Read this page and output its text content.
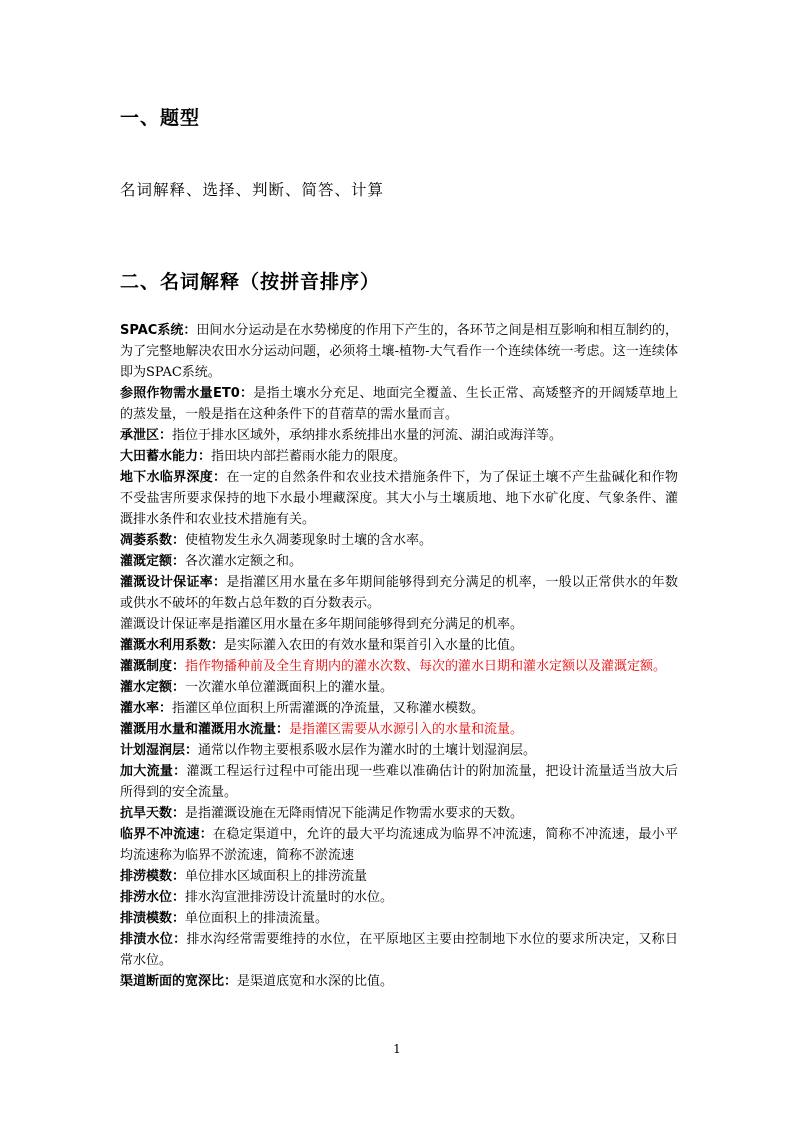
一、题型
名词解释、选择、判断、简答、计算
二、名词解释（按拼音排序）

SPAC系统：田间水分运动是在水势梯度的作用下产生的，各环节之间是相互影响和相互制约的，为了完整地解决农田水分运动问题，必须将土壤-植物-大气看作一个连续体统一考虑。这一连续体即为SPAC系统。

参照作物需水量ET0：是指土壤水分充足、地面完全覆盖、生长正常、高矮整齐的开阔矮草地上的蒸发量，一般是指在这种条件下的苜蓿草的需水量而言。

承泄区：指位于排水区域外，承纳排水系统排出水量的河流、湖泊或海洋等。

大田蓄水能力：指田块内部拦蓄雨水能力的限度。

地下水临界深度：在一定的自然条件和农业技术措施条件下，为了保证土壤不产生盐碱化和作物不受盐害所要求保持的地下水最小埋藏深度。其大小与土壤质地、地下水矿化度、气象条件、灌溉排水条件和农业技术措施有关。

凋萎系数：使植物发生永久凋萎现象时土壤的含水率。

灌溉定额：各次灌水定额之和。

灌溉设计保证率：是指灌区用水量在多年期间能够得到充分满足的机率，一般以正常供水的年数或供水不破坏的年数占总年数的百分数表示。

灌溉设计保证率是指灌区用水量在多年期间能够得到充分满足的机率。

灌溉水利用系数：是实际灌入农田的有效水量和渠首引入水量的比值。

灌溉制度：指作物播种前及全生育期内的灌水次数、每次的灌水日期和灌水定额以及灌溉定额。

灌水定额：一次灌水单位灌溉面积上的灌水量。

灌水率：指灌区单位面积上所需灌溉的净流量，又称灌水模数。

灌溉用水量和灌溉用水流量：是指灌区需要从水源引入的水量和流量。

计划湿润层：通常以作物主要根系吸水层作为灌水时的土壤计划湿润层。

加大流量：灌溉工程运行过程中可能出现一些难以准确估计的附加流量，把设计流量适当放大后所得到的安全流量。

抗旱天数：是指灌溉设施在无降雨情况下能满足作物需水要求的天数。

临界不冲流速：在稳定渠道中，允许的最大平均流速成为临界不冲流速，简称不冲流速，最小平均流速称为临界不淤流速，简称不淤流速

排涝模数：单位排水区域面积上的排涝流量

排涝水位：排水沟宣泄排涝设计流量时的水位。

排渍模数：单位面积上的排渍流量。

排渍水位：排水沟经常需要维持的水位，在平原地区主要由控制地下水位的要求所决定，又称日常水位。

渠道断面的宽深比：是渠道底宽和水深的比值。

1
